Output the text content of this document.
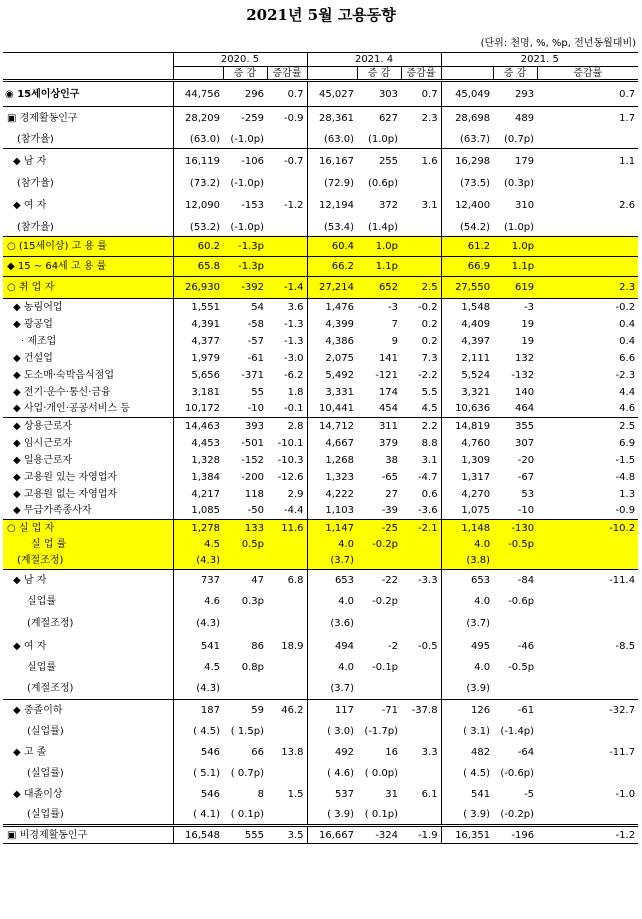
2021년 5월 고용동향
(단위: 천명, %, %p, 전년동월대비)
	2020. 5			2021. 4			2021. 5		
		증 감	증감률		증 감	증감률		증 감	증감률
◉ 15세이상인구	44,756	296	0.7	45,027	303	0.7	45,049	293	0.7
▣ 경제활동인구	28,209	-259	-0.9	28,361	627	2.3	28,698	489	1.7
(참가율)	(63.0)	(-1.0p)		(63.0)	(1.0p)		(63.7)	(0.7p)	
◆ 남 자	16,119	-106	-0.7	16,167	255	1.6	16,298	179	1.1
(참가율)	(73.2)	(-1.0p)		(72.9)	(0.6p)		(73.5)	(0.3p)	
◆ 여 자	12,090	-153	-1.2	12,194	372	3.1	12,400	310	2.6
(참가율)	(53.2)	(-1.0p)		(53.4)	(1.4p)		(54.2)	(1.0p)	
○ (15세이상) 고 용 률	60.2	-1.3p		60.4	1.0p		61.2	1.0p	
◆ 15 ~ 64세 고 용 률	65.8	-1.3p		66.2	1.1p		66.9	1.1p	
○ 취 업 자	26,930	-392	-1.4	27,214	652	2.5	27,550	619	2.3
◆ 농림어업	1,551	54	3.6	1,476	-3	-0.2	1,548	-3	-0.2
◆ 광공업	4,391	-58	-1.3	4,399	7	0.2	4,409	19	0.4
· 제조업	4,377	-57	-1.3	4,386	9	0.2	4,397	19	0.4
◆ 건설업	1,979	-61	-3.0	2,075	141	7.3	2,111	132	6.6
◆ 도소매·숙박음식점업	5,656	-371	-6.2	5,492	-121	-2.2	5,524	-132	-2.3
◆ 전기·운수·통신·금융	3,181	55	1.8	3,331	174	5.5	3,321	140	4.4
◆ 사업·개인·공공서비스 등	10,172	-10	-0.1	10,441	454	4.5	10,636	464	4.6
◆ 상용근로자	14,463	393	2.8	14,712	311	2.2	14,819	355	2.5
◆ 임시근로자	4,453	-501	-10.1	4,667	379	8.8	4,760	307	6.9
◆ 일용근로자	1,328	-152	-10.3	1,268	38	3.1	1,309	-20	-1.5
◆ 고용원 있는 자영업자	1,384	-200	-12.6	1,323	-65	-4.7	1,317	-67	-4.8
◆ 고용원 없는 자영업자	4,217	118	2.9	4,222	27	0.6	4,270	53	1.3
◆ 무급가족종사자	1,085	-50	-4.4	1,103	-39	-3.6	1,075	-10	-0.9
○ 실 업 자	1,278	133	11.6	1,147	-25	-2.1	1,148	-130	-10.2
실 업 률	4.5	0.5p		4.0	-0.2p		4.0	-0.5p	
(계절조정)	(4.3)			(3.7)			(3.8)		
◆ 남 자	737	47	6.8	653	-22	-3.3	653	-84	-11.4
실업률	4.6	0.3p		4.0	-0.2p		4.0	-0.6p	
(계절조정)	(4.3)			(3.6)			(3.7)		
◆ 여 자	541	86	18.9	494	-2	-0.5	495	-46	-8.5
실업률	4.5	0.8p		4.0	-0.1p		4.0	-0.5p	
(계절조정)	(4.3)			(3.7)			(3.9)		
◆ 중졸이하	187	59	46.2	117	-71	-37.8	126	-61	-32.7
(실업률)	( 4.5)	( 1.5p)		( 3.0)	(-1.7p)		( 3.1)	(-1.4p)	
◆ 고 졸	546	66	13.8	492	16	3.3	482	-64	-11.7
(실업률)	( 5.1)	( 0.7p)		( 4.6)	( 0.0p)		( 4.5)	(-0.6p)	
◆ 대졸이상	546	8	1.5	537	31	6.1	541	-5	-1.0
(실업률)	( 4.1)	( 0.1p)		( 3.9)	( 0.1p)		( 3.9)	(-0.2p)	
▣ 비경제활동인구	16,548	555	3.5	16,667	-324	-1.9	16,351	-196	-1.2
